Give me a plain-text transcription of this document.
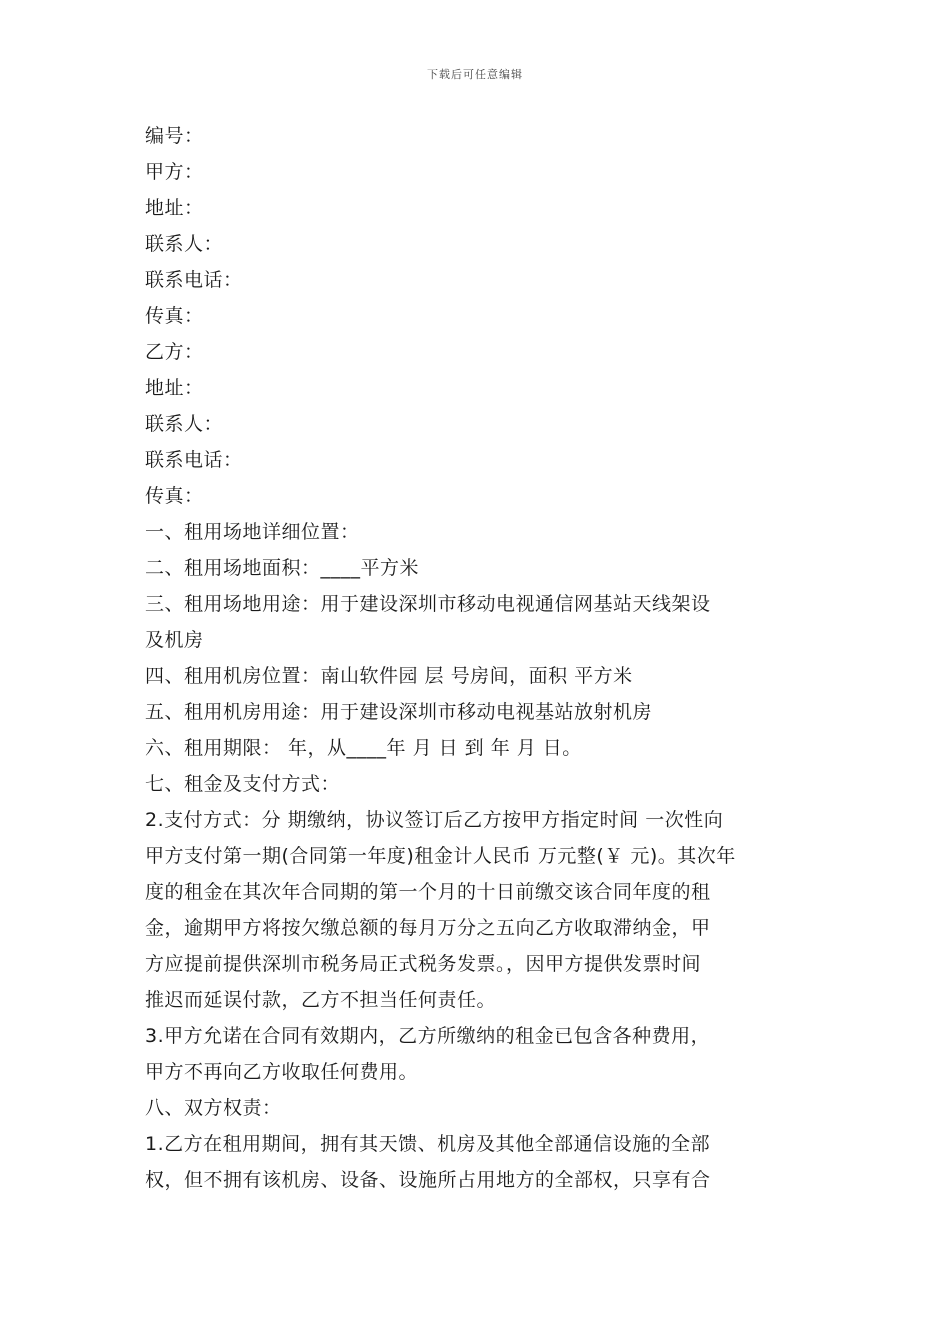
下载后可任意编辑
编号：
甲方：
地址：
联系人：
联系电话：
传真：
乙方：
地址：
联系人：
联系电话：
传真：
一、租用场地详细位置：
二、租用场地面积：____平方米
三、租用场地用途：用于建设深圳市移动电视通信网基站天线架设
及机房
四、租用机房位置：南山软件园 层 号房间，面积 平方米
五、租用机房用途：用于建设深圳市移动电视基站放射机房
六、租用期限： 年，从____年 月 日 到 年 月 日。
七、租金及支付方式：
2.支付方式：分 期缴纳，协议签订后乙方按甲方指定时间 一次性向
甲方支付第一期(合同第一年度)租金计人民币 万元整(￥ 元)。其次年
度的租金在其次年合同期的第一个月的十日前缴交该合同年度的租
金，逾期甲方将按欠缴总额的每月万分之五向乙方收取滞纳金，甲
方应提前提供深圳市税务局正式税务发票。，因甲方提供发票时间
推迟而延误付款，乙方不担当任何责任。
3.甲方允诺在合同有效期内，乙方所缴纳的租金已包含各种费用，
甲方不再向乙方收取任何费用。
八、双方权责：
1.乙方在租用期间，拥有其天馈、机房及其他全部通信设施的全部
权，但不拥有该机房、设备、设施所占用地方的全部权，只享有合
